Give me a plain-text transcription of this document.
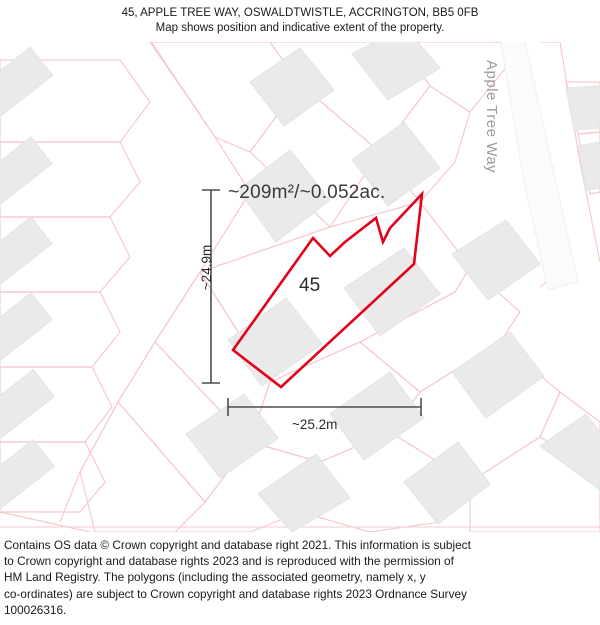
45, APPLE TREE WAY, OSWALDTWISTLE, ACCRINGTON, BB5 0FB
Map shows position and indicative extent of the property.
~209m²/~0.052ac.
45
~24.9m
~25.2m
Apple Tree Way

Contains OS data © Crown copyright and database right 2021. This information is subject

to Crown copyright and database rights 2023 and is reproduced with the permission of

HM Land Registry. The polygons (including the associated geometry, namely x, y

co-ordinates) are subject to Crown copyright and database rights 2023 Ordnance Survey

100026316.
